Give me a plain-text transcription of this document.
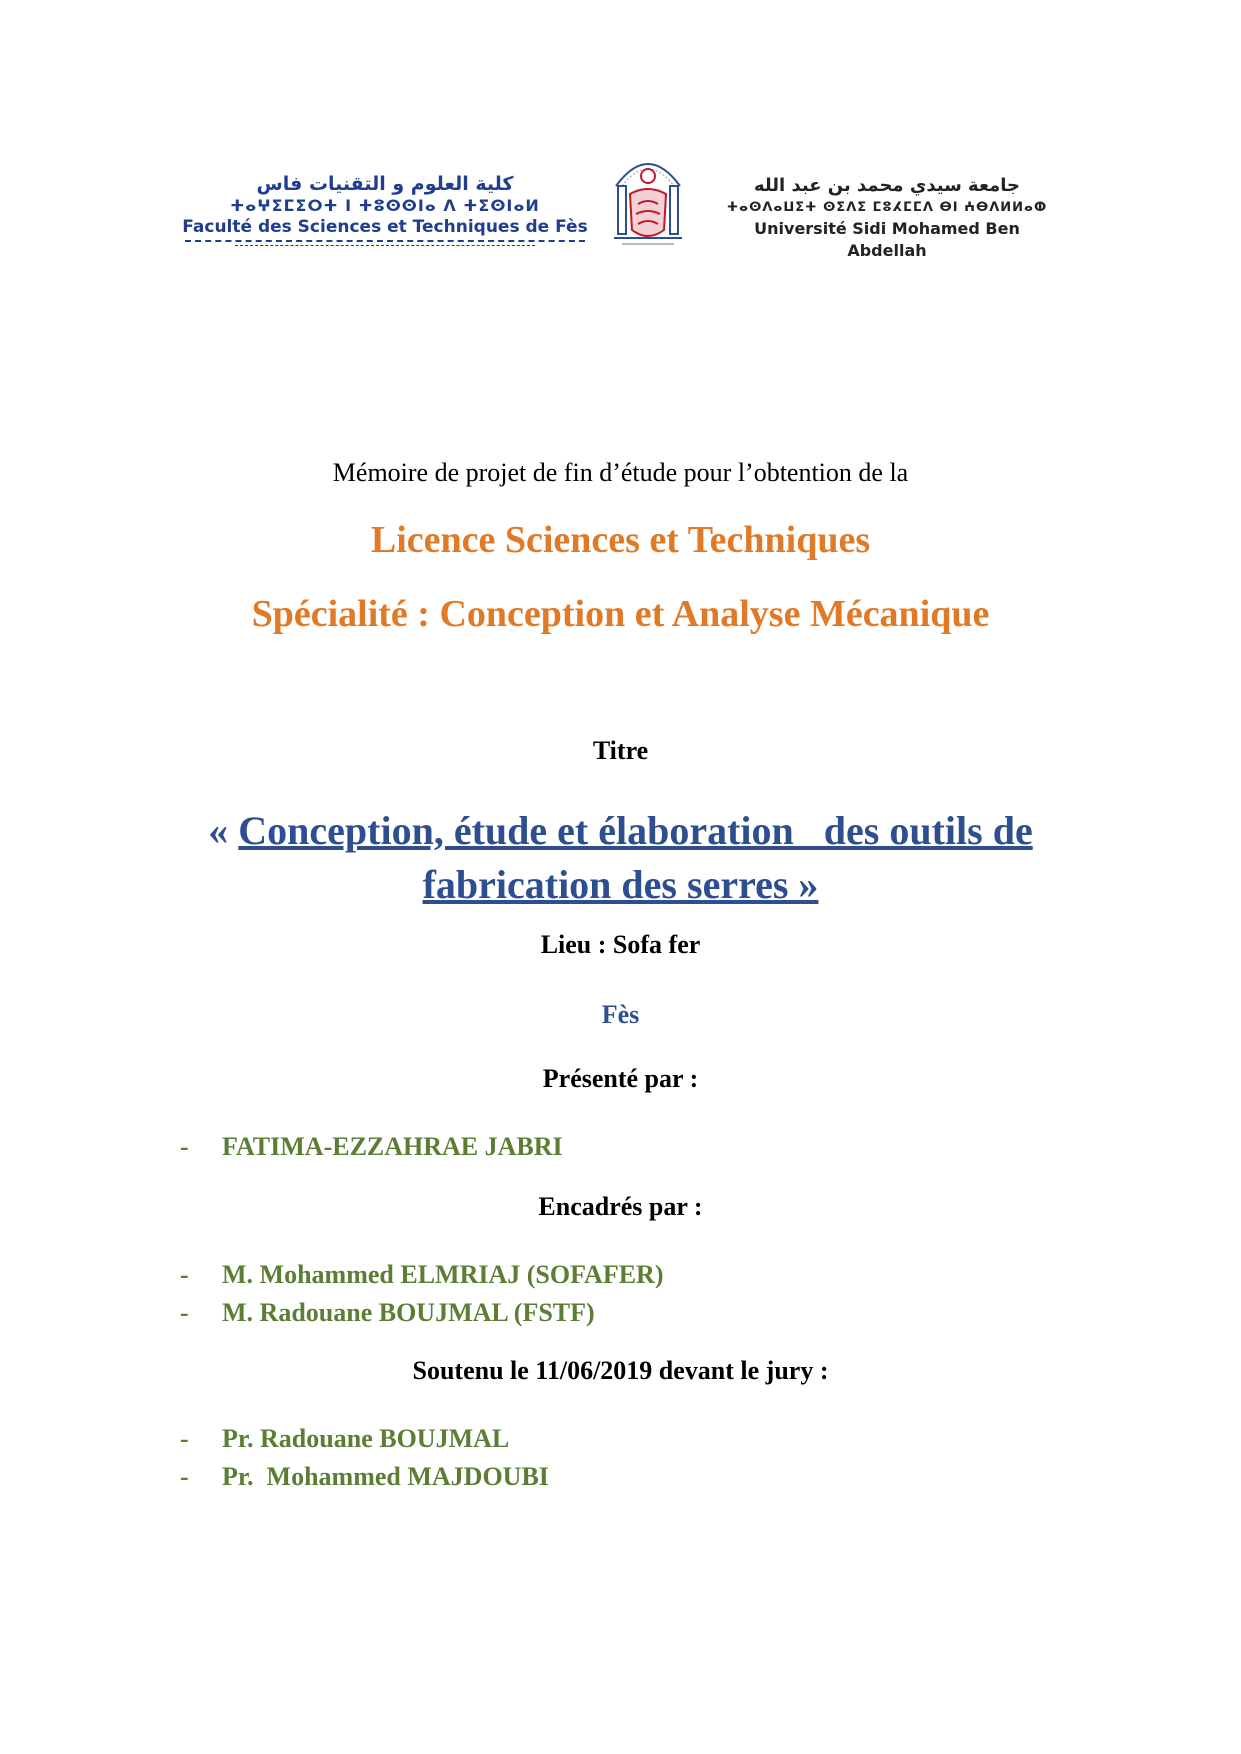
كلية العلوم و التقنيات فاس
ⵜⴰⵖⵉⵎⵉⵔⵜ ⵏ ⵜⵓⵙⵙⵏⴰ ⴷ ⵜⵉⵙⵏⴰⵍ
Faculté des Sciences et Techniques de Fès
جامعة سيدي محمد بن عبد الله
ⵜⴰⵙⴷⴰⵡⵉⵜ ⵙⵉⴷⵉ ⵎⵓⵃⵎⵎⴷ ⴱⵏ ⵄⴱⴷⵍⵍⴰⵀ
Université Sidi Mohamed Ben Abdellah
Mémoire de projet de fin d’étude pour l’obtention de la
Licence Sciences et Techniques
Spécialité : Conception et Analyse Mécanique
Titre
« Conception, étude et élaboration   des outils de
fabrication des serres »
Lieu : Sofa fer
Fès
Présenté par :
- FATIMA-EZZAHRAE JABRI
Encadrés par :
- M. Mohammed ELMRIAJ (SOFAFER)
- M. Radouane BOUJMAL (FSTF)
Soutenu le 11/06/2019 devant le jury :
- Pr. Radouane BOUJMAL
- Pr.  Mohammed MAJDOUBI
